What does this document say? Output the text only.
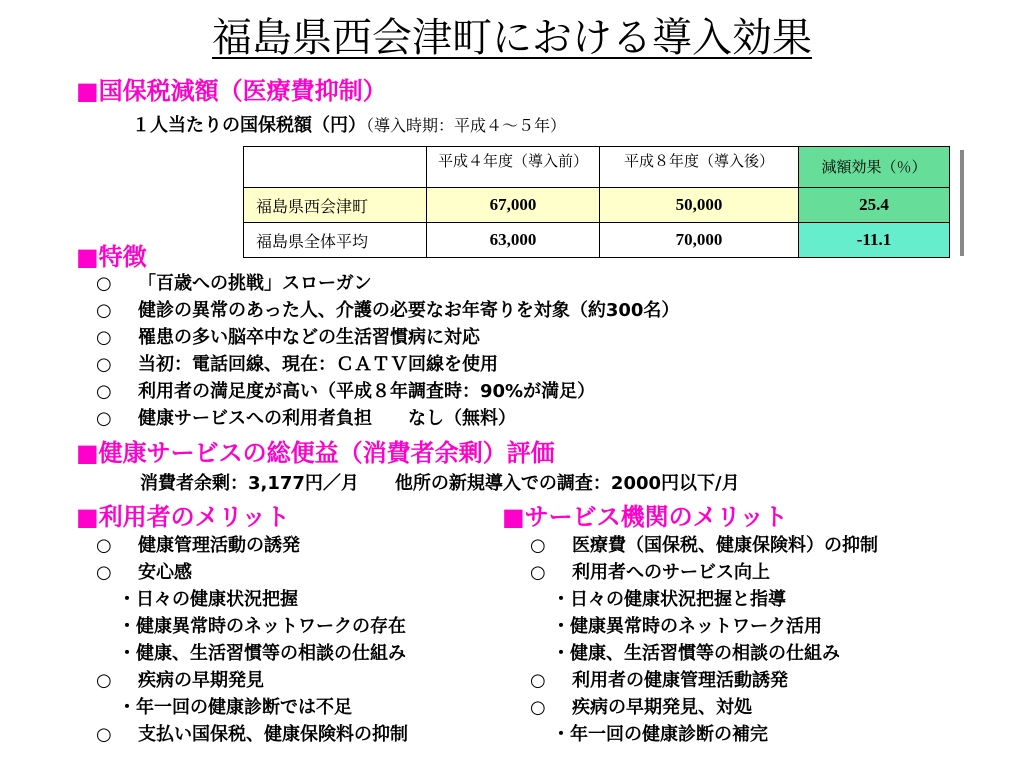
福島県西会津町における導入効果
■国保税減額（医療費抑制）
１人当たりの国保税額（円）（導入時期：平成４～５年）
	平成４年度（導入前）	平成８年度（導入後）	減額効果（％）
福島県西会津町	67,000	50,000	25.4
福島県全体平均	63,000	70,000	-11.1
■特徴
○ 「百歳への挑戦」スローガン
○ 健診の異常のあった人、介護の必要なお年寄りを対象（約300名）
○ 罹患の多い脳卒中などの生活習慣病に対応
○ 当初：電話回線、現在：ＣＡＴＶ回線を使用
○ 利用者の満足度が高い（平成８年調査時：90%が満足）
○ 健康サービスへの利用者負担　　なし（無料）
■健康サービスの総便益（消費者余剰）評価
消費者余剰：3,177円／月　　他所の新規導入での調査：2000円以下/月
■利用者のメリット
○ 健康管理活動の誘発
○ 安心感
・日々の健康状況把握
・健康異常時のネットワークの存在
・健康、生活習慣等の相談の仕組み
○ 疾病の早期発見
・年一回の健康診断では不足
○ 支払い国保税、健康保険料の抑制
■サービス機関のメリット
○ 医療費（国保税、健康保険料）の抑制
○ 利用者へのサービス向上
・日々の健康状況把握と指導
・健康異常時のネットワーク活用
・健康、生活習慣等の相談の仕組み
○ 利用者の健康管理活動誘発
○ 疾病の早期発見、対処
・年一回の健康診断の補完
